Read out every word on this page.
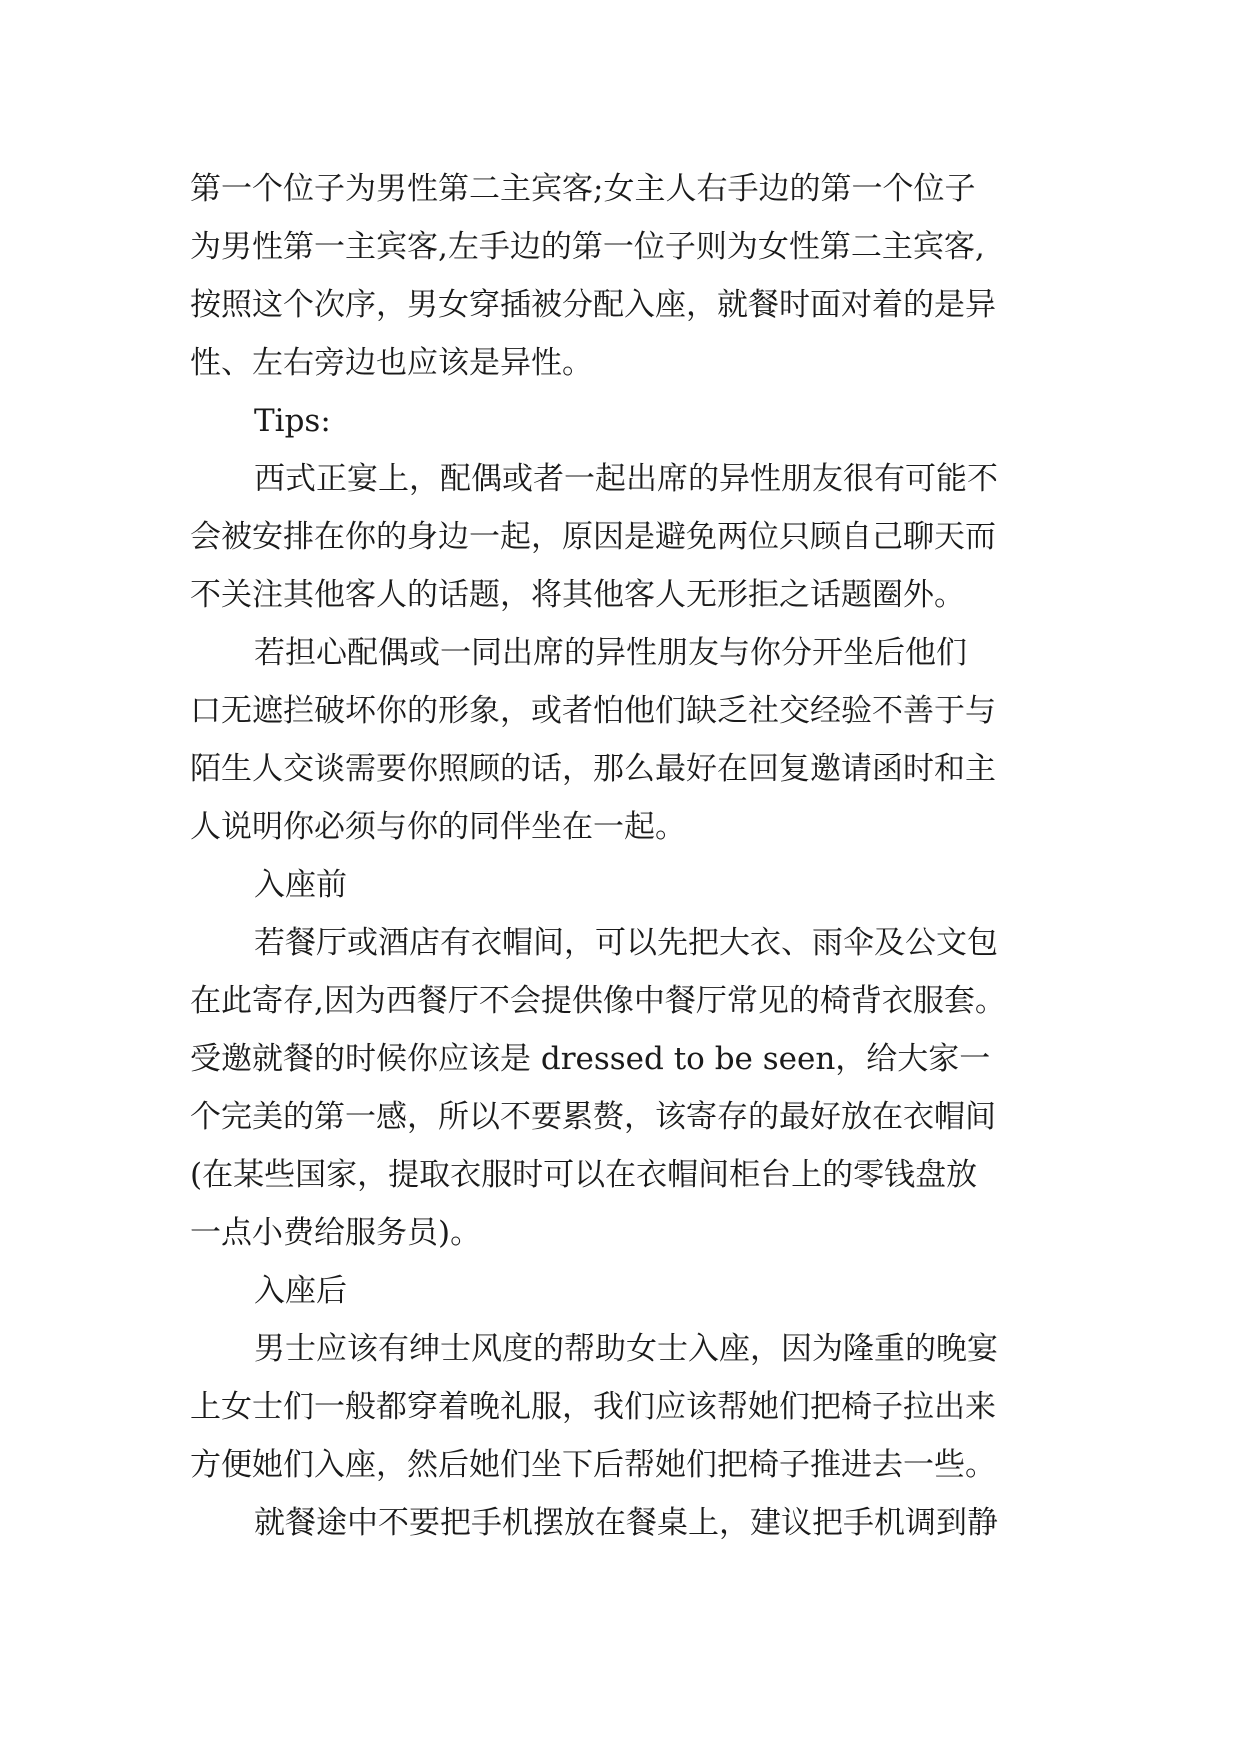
第一个位子为男性第二主宾客;女主人右手边的第一个位子
为男性第一主宾客,左手边的第一位子则为女性第二主宾客,
按照这个次序，男女穿插被分配入座，就餐时面对着的是异
性、左右旁边也应该是异性。
Tips:
西式正宴上，配偶或者一起出席的异性朋友很有可能不
会被安排在你的身边一起，原因是避免两位只顾自己聊天而
不关注其他客人的话题，将其他客人无形拒之话题圈外。
若担心配偶或一同出席的异性朋友与你分开坐后他们
口无遮拦破坏你的形象，或者怕他们缺乏社交经验不善于与
陌生人交谈需要你照顾的话，那么最好在回复邀请函时和主
人说明你必须与你的同伴坐在一起。
入座前
若餐厅或酒店有衣帽间，可以先把大衣、雨伞及公文包
在此寄存,因为西餐厅不会提供像中餐厅常见的椅背衣服套。
受邀就餐的时候你应该是 dressed to be seen，给大家一
个完美的第一感，所以不要累赘，该寄存的最好放在衣帽间
(在某些国家，提取衣服时可以在衣帽间柜台上的零钱盘放
一点小费给服务员)。
入座后
男士应该有绅士风度的帮助女士入座，因为隆重的晚宴
上女士们一般都穿着晚礼服，我们应该帮她们把椅子拉出来
方便她们入座，然后她们坐下后帮她们把椅子推进去一些。
就餐途中不要把手机摆放在餐桌上，建议把手机调到静
